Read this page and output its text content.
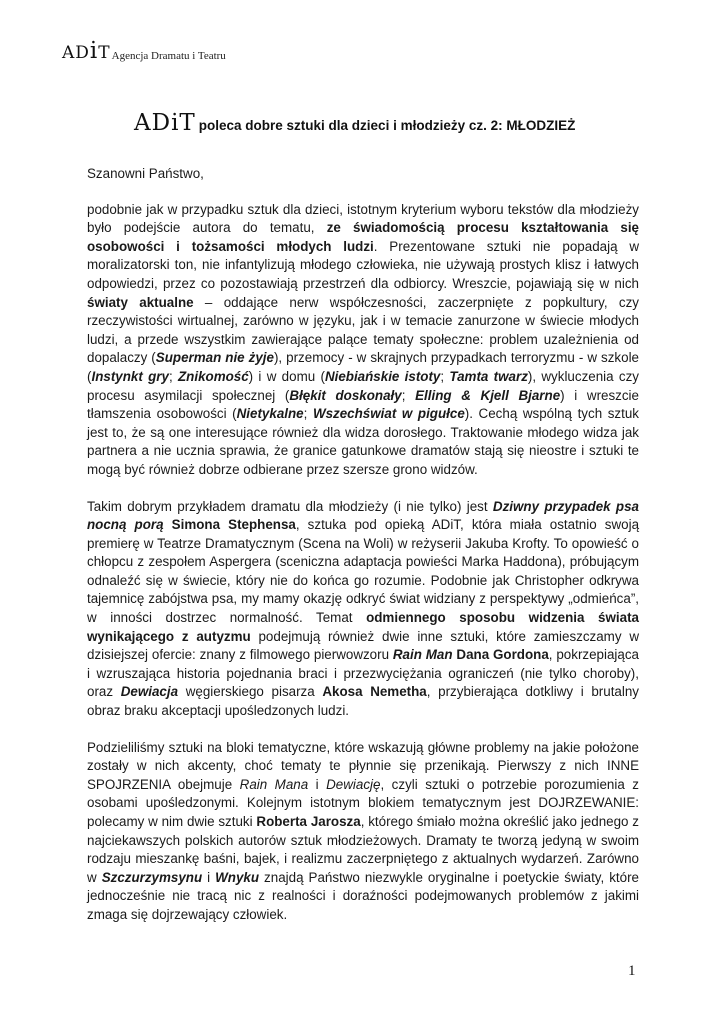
ADiT Agencja Dramatu i Teatru
ADiT poleca dobre sztuki dla dzieci i młodzieży cz. 2: MŁODZIEŻ

Szanowni Państwo,

podobnie jak w przypadku sztuk dla dzieci, istotnym kryterium wyboru tekstów dla młodzieży było podejście autora do tematu, ze świadomością procesu kształtowania się osobowości i tożsamości młodych ludzi. Prezentowane sztuki nie popadają w moralizatorski ton, nie infantylizują młodego człowieka, nie używają prostych klisz i łatwych odpowiedzi, przez co pozostawiają przestrzeń dla odbiorcy. Wreszcie, pojawiają się w nich światy aktualne – oddające nerw współczesności, zaczerpnięte z popkultury, czy rzeczywistości wirtualnej, zarówno w języku, jak i w temacie zanurzone w świecie młodych ludzi, a przede wszystkim zawierające palące tematy społeczne: problem uzależnienia od dopalaczy (Superman nie żyje), przemocy - w skrajnych przypadkach terroryzmu - w szkole (Instynkt gry; Znikomość) i w domu (Niebiańskie istoty; Tamta twarz), wykluczenia czy procesu asymilacji społecznej (Błękit doskonały; Elling & Kjell Bjarne) i wreszcie tłamszenia osobowości (Nietykalne; Wszechświat w pigułce). Cechą wspólną tych sztuk jest to, że są one interesujące również dla widza dorosłego. Traktowanie młodego widza jak partnera a nie ucznia sprawia, że granice gatunkowe dramatów stają się nieostre i sztuki te mogą być również dobrze odbierane przez szersze grono widzów.

Takim dobrym przykładem dramatu dla młodzieży (i nie tylko) jest Dziwny przypadek psa nocną porą Simona Stephensa, sztuka pod opieką ADiT, która miała ostatnio swoją premierę w Teatrze Dramatycznym (Scena na Woli) w reżyserii Jakuba Krofty. To opowieść o chłopcu z zespołem Aspergera (sceniczna adaptacja powieści Marka Haddona), próbującym odnaleźć się w świecie, który nie do końca go rozumie. Podobnie jak Christopher odkrywa tajemnicę zabójstwa psa, my mamy okazję odkryć świat widziany z perspektywy „odmieńca”, w inności dostrzec normalność. Temat odmiennego sposobu widzenia świata wynikającego z autyzmu podejmują również dwie inne sztuki, które zamieszczamy w dzisiejszej ofercie: znany z filmowego pierwowzoru Rain Man Dana Gordona, pokrzepiająca i wzruszająca historia pojednania braci i przezwyciężania ograniczeń (nie tylko choroby), oraz Dewiacja węgierskiego pisarza Akosa Nemetha, przybierająca dotkliwy i brutalny obraz braku akceptacji upośledzonych ludzi.

Podzieliliśmy sztuki na bloki tematyczne, które wskazują główne problemy na jakie położone zostały w nich akcenty, choć tematy te płynnie się przenikają. Pierwszy z nich INNE SPOJRZENIA obejmuje Rain Mana i Dewiację, czyli sztuki o potrzebie porozumienia z osobami upośledzonymi. Kolejnym istotnym blokiem tematycznym jest DOJRZEWANIE: polecamy w nim dwie sztuki Roberta Jarosza, którego śmiało można określić jako jednego z najciekawszych polskich autorów sztuk młodzieżowych. Dramaty te tworzą jedyną w swoim rodzaju mieszankę baśni, bajek, i realizmu zaczerpniętego z aktualnych wydarzeń. Zarówno w Szczurzymsynu i Wnyku znajdą Państwo niezwykle oryginalne i poetyckie światy, które jednocześnie nie tracą nic z realności i doraźności podejmowanych problemów z jakimi zmaga się dojrzewający człowiek.

1
